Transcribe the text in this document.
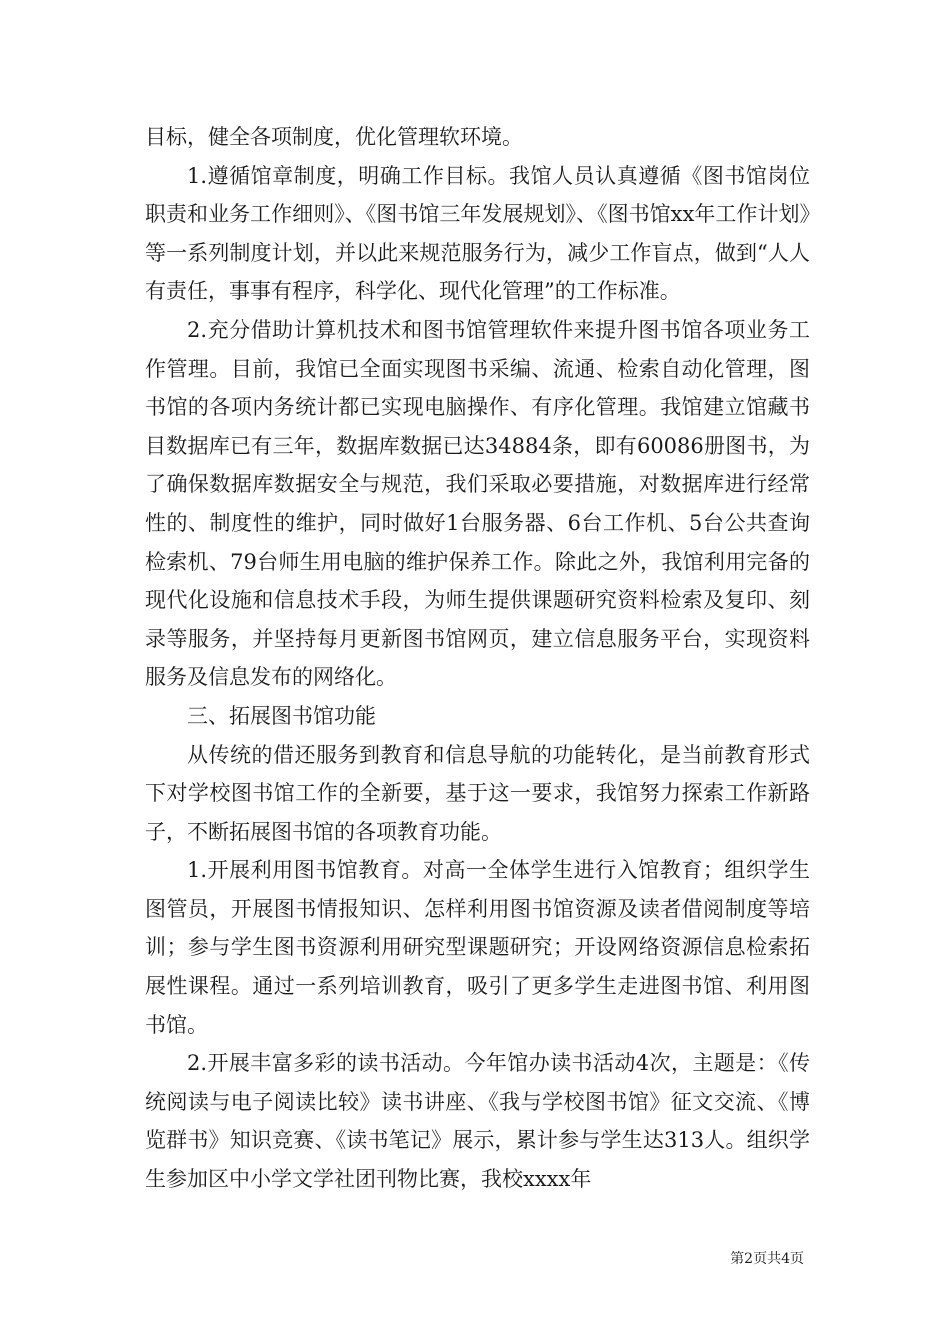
目标，健全各项制度，优化管理软环境。

1.遵循馆章制度，明确工作目标。我馆人员认真遵循《图书馆岗位职责和业务工作细则》、《图书馆三年发展规划》、《图书馆xx年工作计划》等一系列制度计划，并以此来规范服务行为，减少工作盲点，做到“人人有责任，事事有程序，科学化、现代化管理”的工作标准。

2.充分借助计算机技术和图书馆管理软件来提升图书馆各项业务工作管理。目前，我馆已全面实现图书采编、流通、检索自动化管理，图书馆的各项内务统计都已实现电脑操作、有序化管理。我馆建立馆藏书目数据库已有三年，数据库数据已达34884条，即有60086册图书，为了确保数据库数据安全与规范，我们采取必要措施，对数据库进行经常性的、制度性的维护，同时做好1台服务器、6台工作机、5台公共查询检索机、79台师生用电脑的维护保养工作。除此之外，我馆利用完备的现代化设施和信息技术手段，为师生提供课题研究资料检索及复印、刻录等服务，并坚持每月更新图书馆网页，建立信息服务平台，实现资料服务及信息发布的网络化。

三、拓展图书馆功能

从传统的借还服务到教育和信息导航的功能转化，是当前教育形式下对学校图书馆工作的全新要，基于这一要求，我馆努力探索工作新路子，不断拓展图书馆的各项教育功能。

1.开展利用图书馆教育。对高一全体学生进行入馆教育；组织学生图管员，开展图书情报知识、怎样利用图书馆资源及读者借阅制度等培训；参与学生图书资源利用研究型课题研究；开设网络资源信息检索拓展性课程。通过一系列培训教育，吸引了更多学生走进图书馆、利用图书馆。

2.开展丰富多彩的读书活动。今年馆办读书活动4次，主题是：《传统阅读与电子阅读比较》读书讲座、《我与学校图书馆》征文交流、《博览群书》知识竞赛、《读书笔记》展示，累计参与学生达313人。组织学生参加区中小学文学社团刊物比赛，我校xxxx年

第2页共4页
